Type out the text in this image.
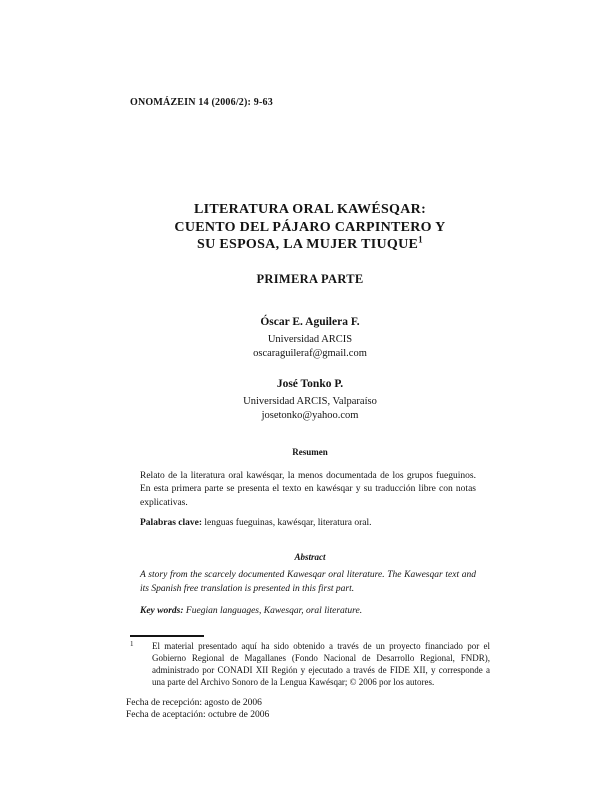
ONOMÁZEIN 14 (2006/2): 9-63
LITERATURA ORAL KAWÉSQAR:
CUENTO DEL PÁJARO CARPINTERO Y
SU ESPOSA, LA MUJER TIUQUE$^1$
PRIMERA PARTE
Óscar E. Aguilera F.
Universidad ARCIS
oscaraguileraf@gmail.com
José Tonko P.
Universidad ARCIS, Valparaíso
josetonko@yahoo.com
Resumen
Relato de la literatura oral kawésqar, la menos documentada de los grupos fueguinos. En esta primera parte se presenta el texto en kawésqar y su traducción libre con notas explicativas.
Palabras clave: lenguas fueguinas, kawésqar, literatura oral.
Abstract
A story from the scarcely documented Kawesqar oral literature. The Kawesqar text and its Spanish free translation is presented in this first part.
Key words: Fuegian languages, Kawesqar, oral literature.
1 El material presentado aquí ha sido obtenido a través de un proyecto financiado por el Gobierno Regional de Magallanes (Fondo Nacional de Desarrollo Regional, FNDR), administrado por CONADI XII Región y ejecutado a través de FIDE XII, y corresponde a una parte del Archivo Sonoro de la Lengua Kawésqar; © 2006 por los autores.
Fecha de recepción: agosto de 2006
Fecha de aceptación: octubre de 2006
